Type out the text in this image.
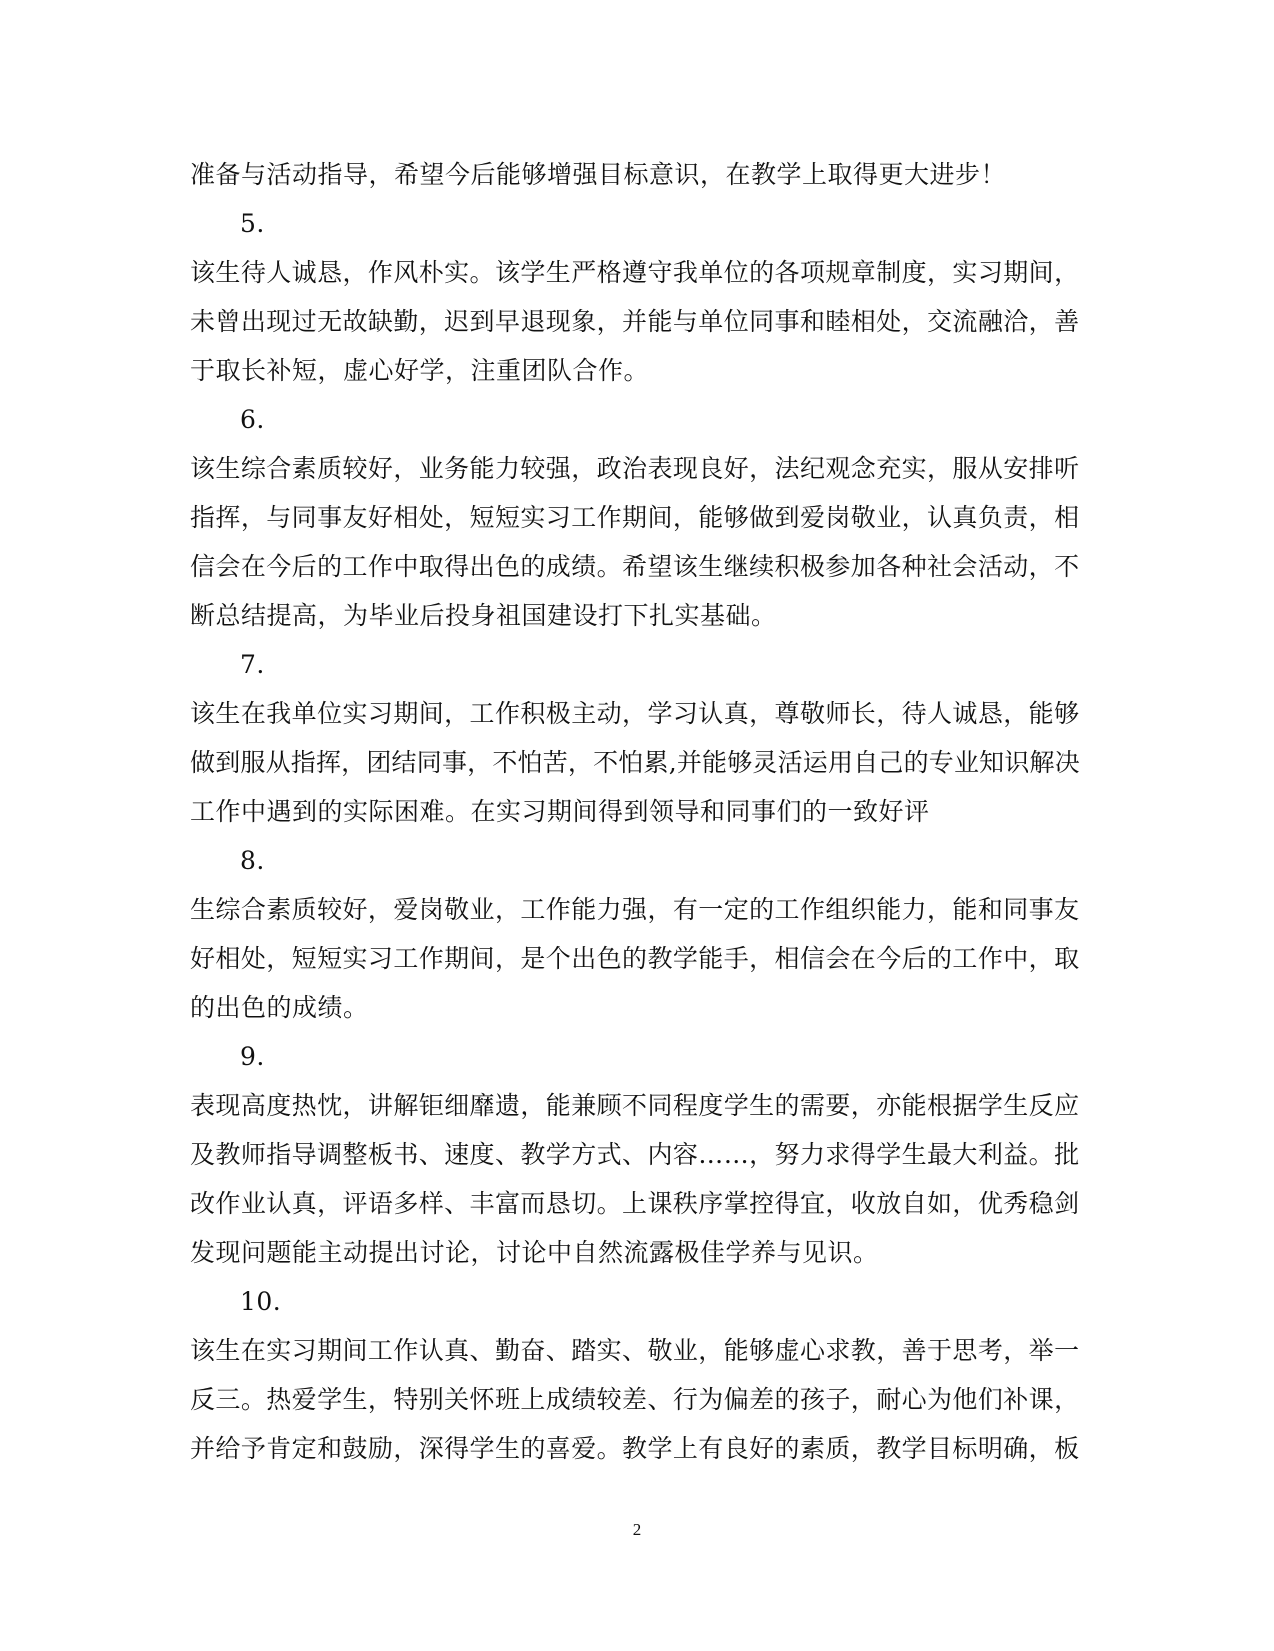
准备与活动指导，希望今后能够增强目标意识，在教学上取得更大进步！
5.
该生待人诚恳，作风朴实。该学生严格遵守我单位的各项规章制度，实习期间，
未曾出现过无故缺勤，迟到早退现象，并能与单位同事和睦相处，交流融洽，善
于取长补短，虚心好学，注重团队合作。
6.
该生综合素质较好，业务能力较强，政治表现良好，法纪观念充实，服从安排听
指挥，与同事友好相处，短短实习工作期间，能够做到爱岗敬业，认真负责，相
信会在今后的工作中取得出色的成绩。希望该生继续积极参加各种社会活动，不
断总结提高，为毕业后投身祖国建设打下扎实基础。
7.
该生在我单位实习期间，工作积极主动，学习认真，尊敬师长，待人诚恳，能够
做到服从指挥，团结同事，不怕苦，不怕累,并能够灵活运用自己的专业知识解决
工作中遇到的实际困难。在实习期间得到领导和同事们的一致好评
8.
生综合素质较好，爱岗敬业，工作能力强，有一定的工作组织能力，能和同事友
好相处，短短实习工作期间，是个出色的教学能手，相信会在今后的工作中，取
的出色的成绩。
9.
表现高度热忱，讲解钜细靡遗，能兼顾不同程度学生的需要，亦能根据学生反应
及教师指导调整板书、速度、教学方式、内容……，努力求得学生最大利益。批
改作业认真，评语多样、丰富而恳切。上课秩序掌控得宜，收放自如，优秀稳剑
发现问题能主动提出讨论，讨论中自然流露极佳学养与见识。
10.
该生在实习期间工作认真、勤奋、踏实、敬业，能够虚心求教，善于思考，举一
反三。热爱学生，特别关怀班上成绩较差、行为偏差的孩子，耐心为他们补课，
并给予肯定和鼓励，深得学生的喜爱。教学上有良好的素质，教学目标明确，板
2
